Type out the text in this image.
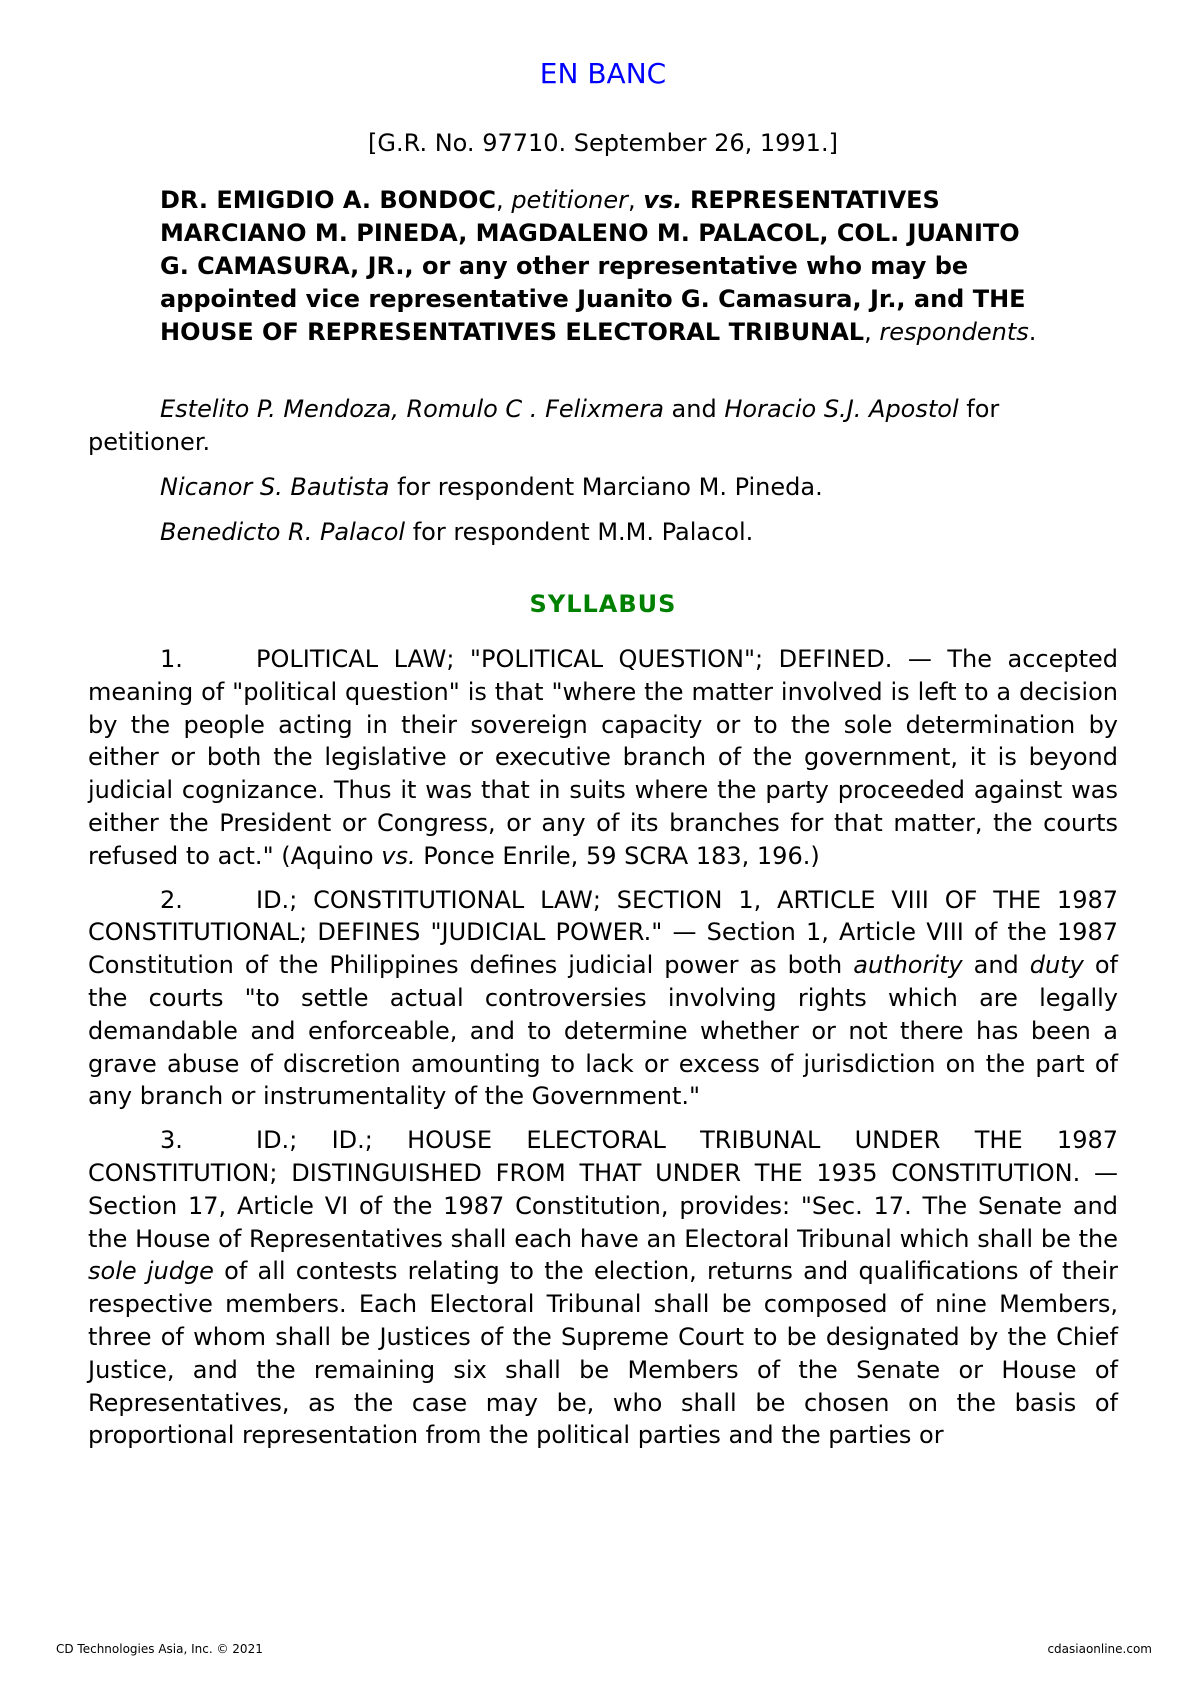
EN BANC
[G.R. No. 97710. September 26, 1991.]
DR. EMIGDIO A. BONDOC, petitioner, vs. REPRESENTATIVES MARCIANO M. PINEDA, MAGDALENO M. PALACOL, COL. JUANITO G. CAMASURA, JR., or any other representative who may be appointed vice representative Juanito G. Camasura, Jr., and THE HOUSE OF REPRESENTATIVES ELECTORAL TRIBUNAL, respondents.
Estelito P. Mendoza, Romulo C . Felixmera and Horacio S.J. Apostol for petitioner.
Nicanor S. Bautista for respondent Marciano M. Pineda.
Benedicto R. Palacol for respondent M.M. Palacol.
SYLLABUS

1.	POLITICAL LAW; "POLITICAL QUESTION"; DEFINED. — The accepted meaning of "political question" is that "where the matter involved is left to a decision by the people acting in their sovereign capacity or to the sole determination by either or both the legislative or executive branch of the government, it is beyond judicial cognizance. Thus it was that in suits where the party proceeded against was either the President or Congress, or any of its branches for that matter, the courts refused to act." (Aquino vs. Ponce Enrile, 59 SCRA 183, 196.)

2.	ID.; CONSTITUTIONAL LAW; SECTION 1, ARTICLE VIII OF THE 1987 CONSTITUTIONAL; DEFINES "JUDICIAL POWER." — Section 1, Article VIII of the 1987 Constitution of the Philippines defines judicial power as both authority and duty of the courts "to settle actual controversies involving rights which are legally demandable and enforceable, and to determine whether or not there has been a grave abuse of discretion amounting to lack or excess of jurisdiction on the part of any branch or instrumentality of the Government."

3.	ID.; ID.; HOUSE ELECTORAL TRIBUNAL UNDER THE 1987 CONSTITUTION; DISTINGUISHED FROM THAT UNDER THE 1935 CONSTITUTION. — Section 17, Article VI of the 1987 Constitution, provides: "Sec. 17. The Senate and the House of Representatives shall each have an Electoral Tribunal which shall be the sole judge of all contests relating to the election, returns and qualifications of their respective members. Each Electoral Tribunal shall be composed of nine Members, three of whom shall be Justices of the Supreme Court to be designated by the Chief Justice, and the remaining six shall be Members of the Senate or House of Representatives, as the case may be, who shall be chosen on the basis of proportional representation from the political parties and the parties or

CD Technologies Asia, Inc. © 2021	cdasiaonline.com
